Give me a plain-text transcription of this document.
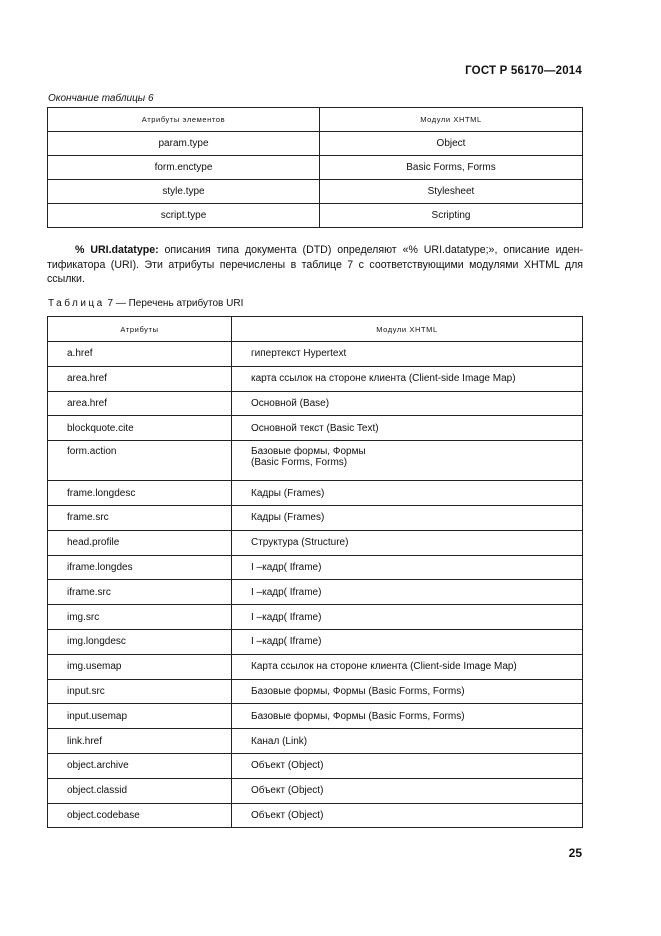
ГОСТ Р 56170—2014
Окончание таблицы 6
Атрибуты элементов	Модули XHTML
param.type	Object
form.enctype	Basic Forms, Forms
style.type	Stylesheet
script.type	Scripting

% URI.datatype: описания типа документа (DTD) определяют «% URI.datatype;», описание идентификатора (URI). Эти атрибуты перечислены в таблице 7 с соответствующими модулями XHTML для ссылки.

Таблица 7 — Перечень атрибутов URI
Атрибуты	Модули XHTML
a.href	гипертекст Hypertext
area.href	карта ссылок на стороне клиента (Client-side Image Map)
area.href	Основной (Base)
blockquote.cite	Основной текст (Basic Text)
form.action	Базовые формы, Формы
(Basic Forms, Forms)

frame.longdesc	Кадры (Frames)
frame.src	Кадры (Frames)
head.profile	Структура (Structure)
iframe.longdes	I –кадр( Iframe)
iframe.src	I –кадр( Iframe)
img.src	I –кадр( Iframe)
img.longdesc	I –кадр( Iframe)
img.usemap	Карта ссылок на стороне клиента (Client-side Image Map)
input.src	Базовые формы, Формы (Basic Forms, Forms)
input.usemap	Базовые формы, Формы (Basic Forms, Forms)
link.href	Канал (Link)
object.archive	Объект (Object)
object.classid	Объект (Object)
object.codebase	Объект (Object)
25
